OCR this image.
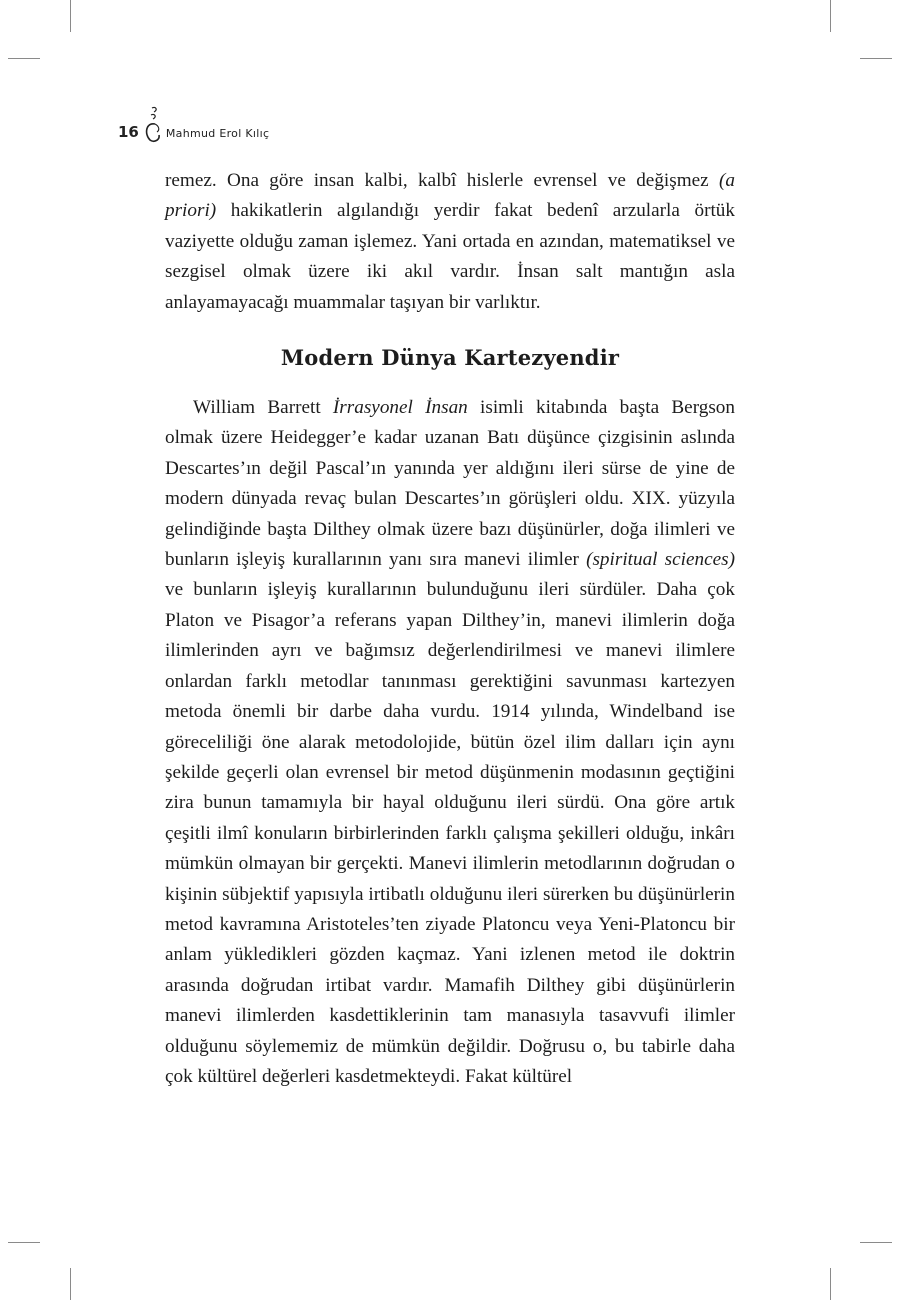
16 Mahmud Erol Kılıç

remez. Ona göre insan kalbi, kalbî hislerle evrensel ve değişmez (a priori) hakikatlerin algılandığı yerdir fakat bedenî arzularla örtük vaziyette olduğu zaman işlemez. Yani ortada en azından, matematiksel ve sezgisel olmak üzere iki akıl vardır. İnsan salt mantığın asla anlayamayacağı muammalar taşıyan bir varlıktır.

Modern Dünya Kartezyendir

William Barrett İrrasyonel İnsan isimli kitabında başta Bergson olmak üzere Heidegger’e kadar uzanan Batı düşünce çizgisinin aslında Descartes’ın değil Pascal’ın yanında yer aldığını ileri sürse de yine de modern dünyada revaç bulan Descartes’ın görüşleri oldu. XIX. yüzyıla gelindiğinde başta Dilthey olmak üzere bazı düşünürler, doğa ilimleri ve bunların işleyiş kurallarının yanı sıra manevi ilimler (spiritual sciences) ve bunların işleyiş kurallarının bulunduğunu ileri sürdüler. Daha çok Platon ve Pisagor’a referans yapan Dilthey’in, manevi ilimlerin doğa ilimlerinden ayrı ve bağımsız değerlendirilmesi ve manevi ilimlere onlardan farklı metodlar tanınması gerektiğini savunması kartezyen metoda önemli bir darbe daha vurdu. 1914 yılında, Windelband ise göreceliliği öne alarak metodolojide, bütün özel ilim dalları için aynı şekilde geçerli olan evrensel bir metod düşünmenin modasının geçtiğini zira bunun tamamıyla bir hayal olduğunu ileri sürdü. Ona göre artık çeşitli ilmî konuların birbirlerinden farklı çalışma şekilleri olduğu, inkârı mümkün olmayan bir gerçekti. Manevi ilimlerin metodlarının doğrudan o kişinin sübjektif yapısıyla irtibatlı olduğunu ileri sürerken bu düşünürlerin metod kavramına Aristoteles’ten ziyade Platoncu veya Yeni-Platoncu bir anlam yükledikleri gözden kaçmaz. Yani izlenen metod ile doktrin arasında doğrudan irtibat vardır. Mamafih Dilthey gibi düşünürlerin manevi ilimlerden kasdettiklerinin tam manasıyla tasavvufi ilimler olduğunu söylememiz de mümkün değildir. Doğrusu o, bu tabirle daha çok kültürel değerleri kasdetmekteydi. Fakat kültürel
